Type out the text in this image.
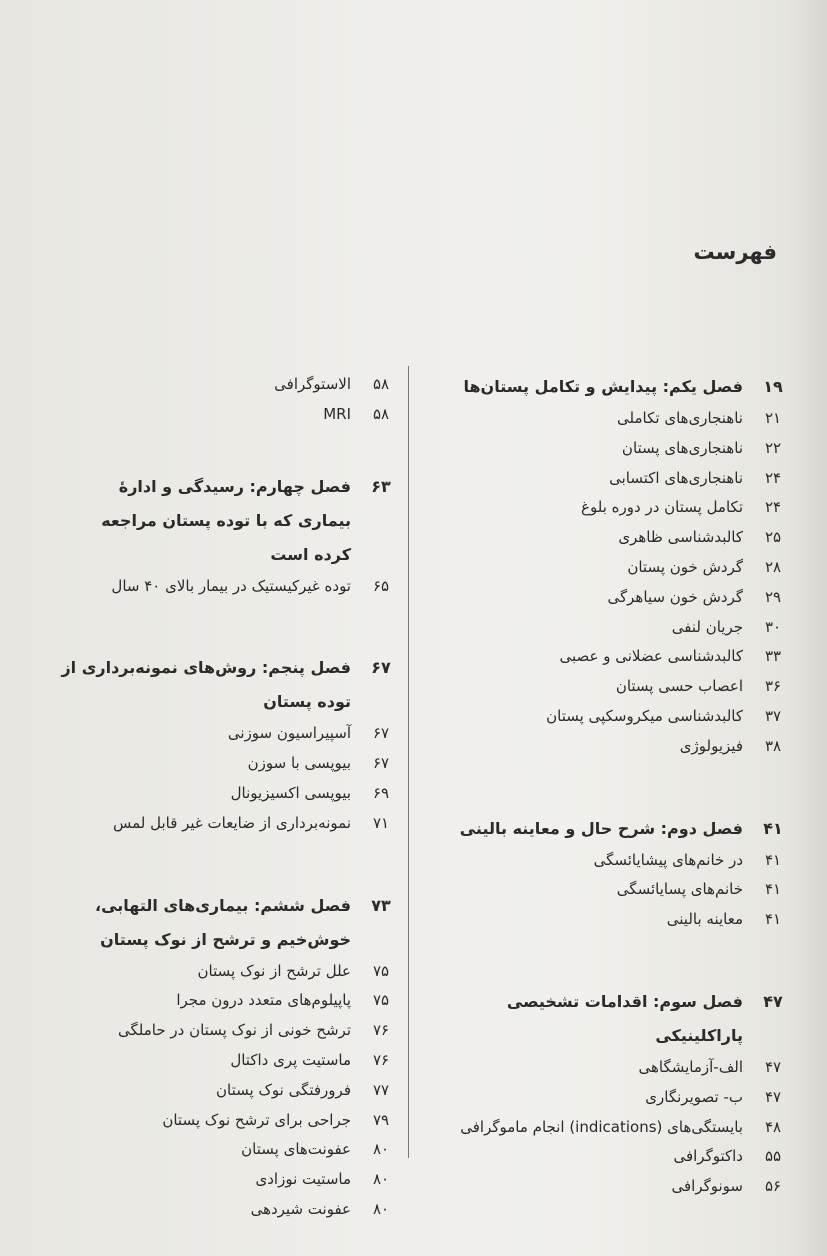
فهرست
۱۹
فصل یکم: پیدایش و تکامل پستان‌ها
۲۱
ناهنجاری‌های تکاملی
۲۲
ناهنجاری‌های پستان
۲۴
ناهنجاری‌های اکتسابی
۲۴
تکامل پستان در دوره بلوغ
۲۵
کالبدشناسی ظاهری
۲۸
گردش خون پستان
۲۹
گردش خون سیاهرگی
۳۰
جریان لنفی
۳۳
کالبدشناسی عضلانی و عصبی
۳۶
اعصاب حسی پستان
۳۷
کالبدشناسی میکروسکپی پستان
۳۸
فیزیولوژی
۴۱
فصل دوم: شرح حال و معاینه بالینی
۴۱
در خانم‌های پیشایائسگی
۴۱
خانم‌های پسایائسگی
۴۱
معاینه بالینی
۴۷
فصل سوم: اقدامات تشخیصی پاراکلینیکی
۴۷
الف-آزمایشگاهی
۴۷
ب- تصویرنگاری
۴۸
بایستگی‌های (indications) انجام ماموگرافی
۵۵
داکتوگرافی
۵۶
سونوگرافی
۵۸
الاستوگرافی
۵۸
MRI
۶۳
فصل چهارم: رسیدگی و ادارهٔ بیماری که با توده پستان مراجعه کرده است
۶۵
توده غیرکیستیک در بیمار بالای ۴۰ سال
۶۷
فصل پنجم: روش‌های نمونه‌برداری از توده پستان
۶۷
آسپیراسیون سوزنی
۶۷
بیوپسی با سوزن
۶۹
بیوپسی اکسیزیونال
۷۱
نمونه‌برداری از ضایعات غیر قابل لمس
۷۳
فصل ششم: بیماری‌های التهابی، خوش‌خیم و ترشح از نوک پستان
۷۵
علل ترشح از نوک پستان
۷۵
پاپیلوم‌های متعدد درون مجرا
۷۶
ترشح خونی از نوک پستان در حاملگی
۷۶
ماستیت پری داکتال
۷۷
فرورفتگی نوک پستان
۷۹
جراحی برای ترشح نوک پستان
۸۰
عفونت‌های پستان
۸۰
ماستیت نوزادی
۸۰
عفونت شیردهی
